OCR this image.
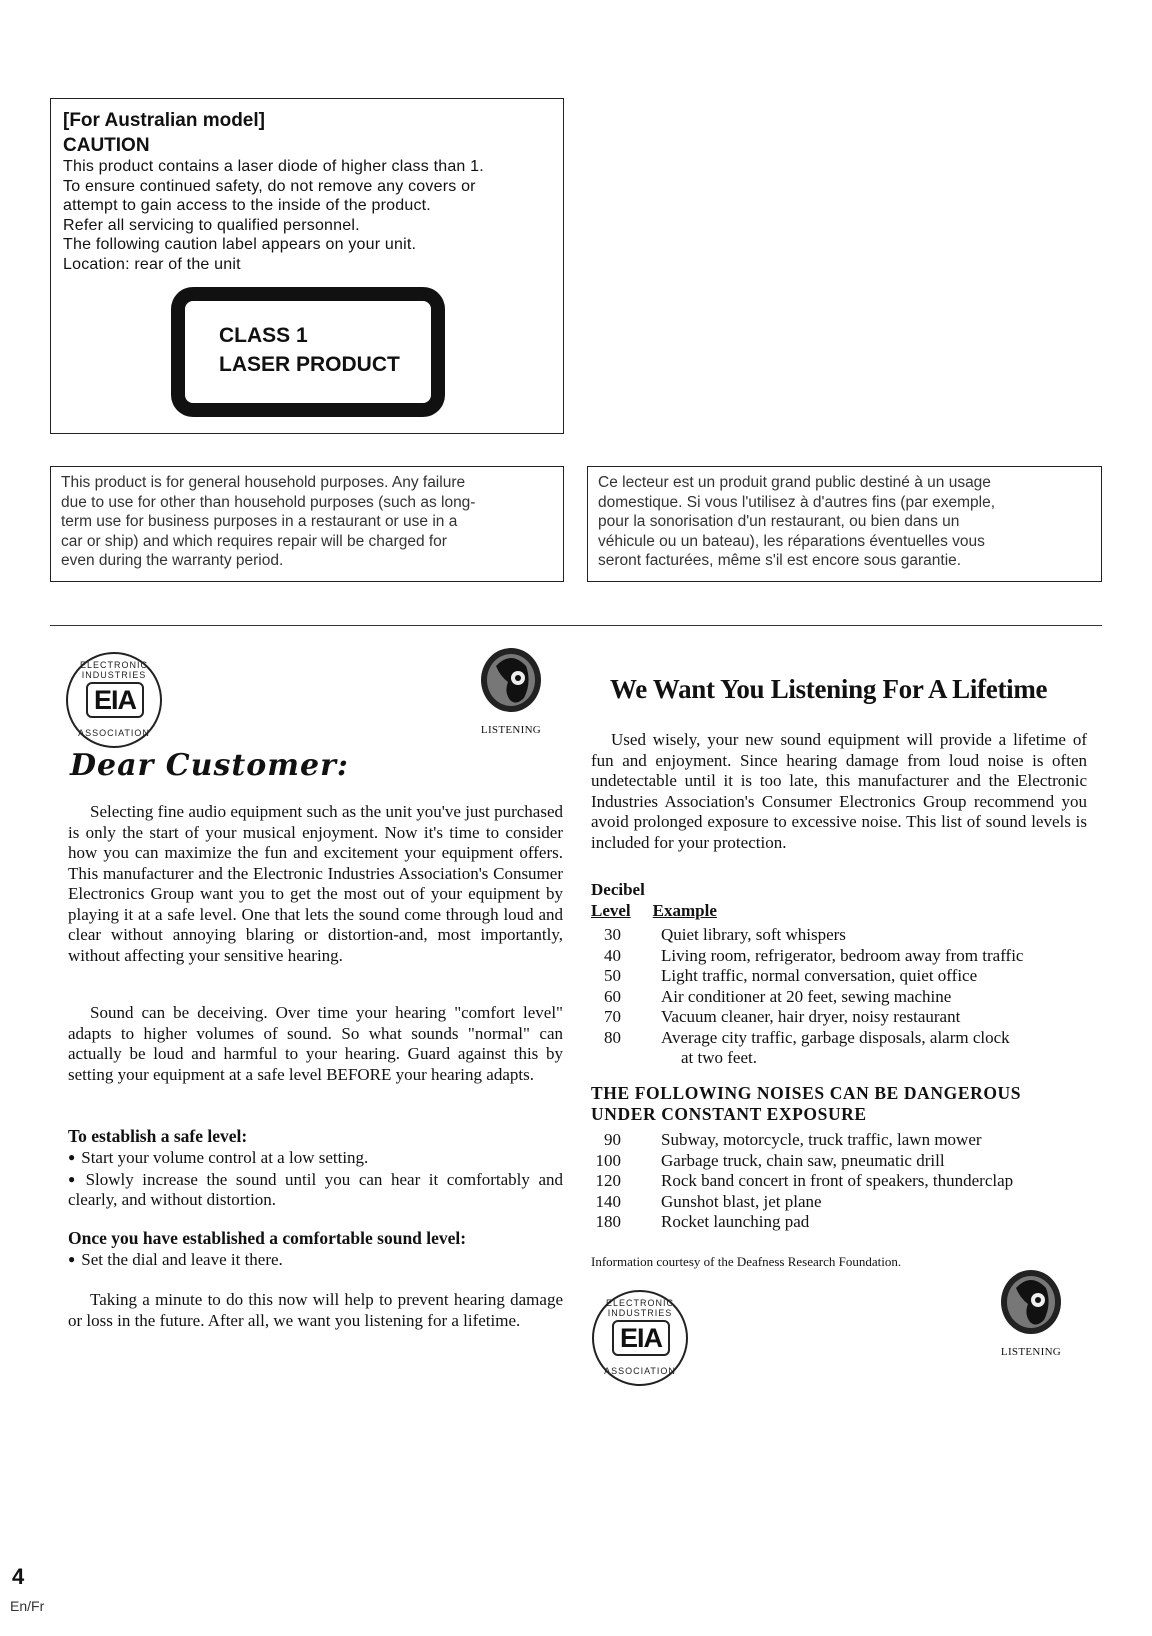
[For Australian model]
CAUTION
This product contains a laser diode of higher class than 1.
To ensure continued safety, do not remove any covers or
attempt to gain access to the inside of the product.
Refer all servicing to qualified personnel.
The following caution label appears on your unit.
Location: rear of the unit
CLASS 1
LASER PRODUCT
This product is for general household purposes. Any failure
due to use for other than household purposes (such as long-
term use for business purposes in a restaurant or use in a
car or ship) and which requires repair will be charged for
even during the warranty period.
Ce lecteur est un produit grand public destiné à un usage
domestique. Si vous l'utilisez à d'autres fins (par exemple,
pour la sonorisation d'un restaurant, ou bien dans un
véhicule ou un bateau), les réparations éventuelles vous
seront facturées, même s'il est encore sous garantie.
ELECTRONIC INDUSTRIES
EIA
ASSOCIATION	LISTENING
Dear Customer:

Selecting fine audio equipment such as the unit you've just purchased is only the start of your musical enjoyment. Now it's time to consider how you can maximize the fun and excitement your equipment offers. This manufacturer and the Electronic Industries Association's Consumer Electronics Group want you to get the most out of your equipment by playing it at a safe level. One that lets the sound come through loud and clear without annoying blaring or distortion-and, most importantly, without affecting your sensitive hearing.

Sound can be deceiving. Over time your hearing "comfort level" adapts to higher volumes of sound. So what sounds "normal" can actually be loud and harmful to your hearing. Guard against this by setting your equipment at a safe level BEFORE your hearing adapts.

To establish a safe level:
● Start your volume control at a low setting.
● Slowly increase the sound until you can hear it comfortably and clearly, and without distortion.
Once you have established a comfortable sound level:
● Set the dial and leave it there.

Taking a minute to do this now will help to prevent hearing damage or loss in the future. After all, we want you listening for a lifetime.

We Want You Listening For A Lifetime

Used wisely, your new sound equipment will provide a lifetime of fun and enjoyment. Since hearing damage from loud noise is often undetectable until it is too late, this manufacturer and the Electronic Industries Association's Consumer Electronics Group recommend you avoid prolonged exposure to excessive noise. This list of sound levels is included for your protection.

Decibel
Level Example
30 Quiet library, soft whispers
40 Living room, refrigerator, bedroom away from traffic
50 Light traffic, normal conversation, quiet office
60 Air conditioner at 20 feet, sewing machine
70 Vacuum cleaner, hair dryer, noisy restaurant
80 Average city traffic, garbage disposals, alarm clock
at two feet.
THE FOLLOWING NOISES CAN BE DANGEROUS UNDER CONSTANT EXPOSURE
90 Subway, motorcycle, truck traffic, lawn mower
100 Garbage truck, chain saw, pneumatic drill
120 Rock band concert in front of speakers, thunderclap
140 Gunshot blast, jet plane
180 Rocket launching pad
Information courtesy of the Deafness Research Foundation.
ELECTRONIC INDUSTRIES
EIA
ASSOCIATION
LISTENING
4
En/Fr
